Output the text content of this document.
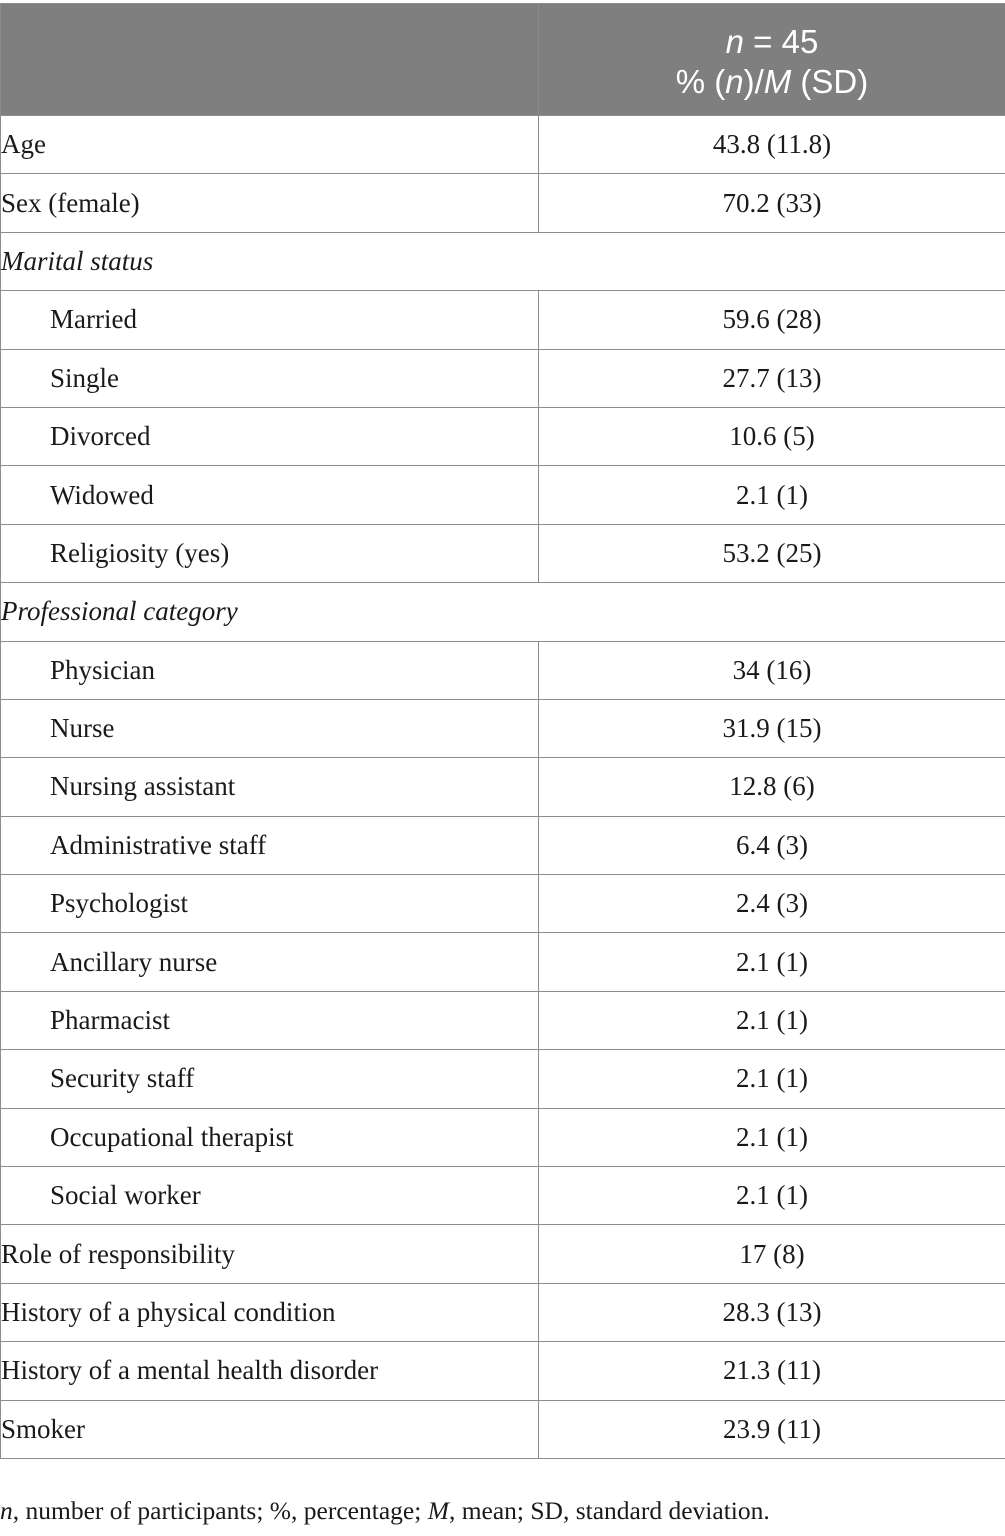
	n = 45
% (n)/M (SD)

Age	43.8 (11.8)
Sex (female)	70.2 (33)
Marital status	
Married	59.6 (28)
Single	27.7 (13)
Divorced	10.6 (5)
Widowed	2.1 (1)
Religiosity (yes)	53.2 (25)
Professional category	
Physician	34 (16)
Nurse	31.9 (15)
Nursing assistant	12.8 (6)
Administrative staff	6.4 (3)
Psychologist	2.4 (3)
Ancillary nurse	2.1 (1)
Pharmacist	2.1 (1)
Security staff	2.1 (1)
Occupational therapist	2.1 (1)
Social worker	2.1 (1)
Role of responsibility	17 (8)
History of a physical condition	28.3 (13)
History of a mental health disorder	21.3 (11)
Smoker	23.9 (11)
n, number of participants; %, percentage; M, mean; SD, standard deviation.
